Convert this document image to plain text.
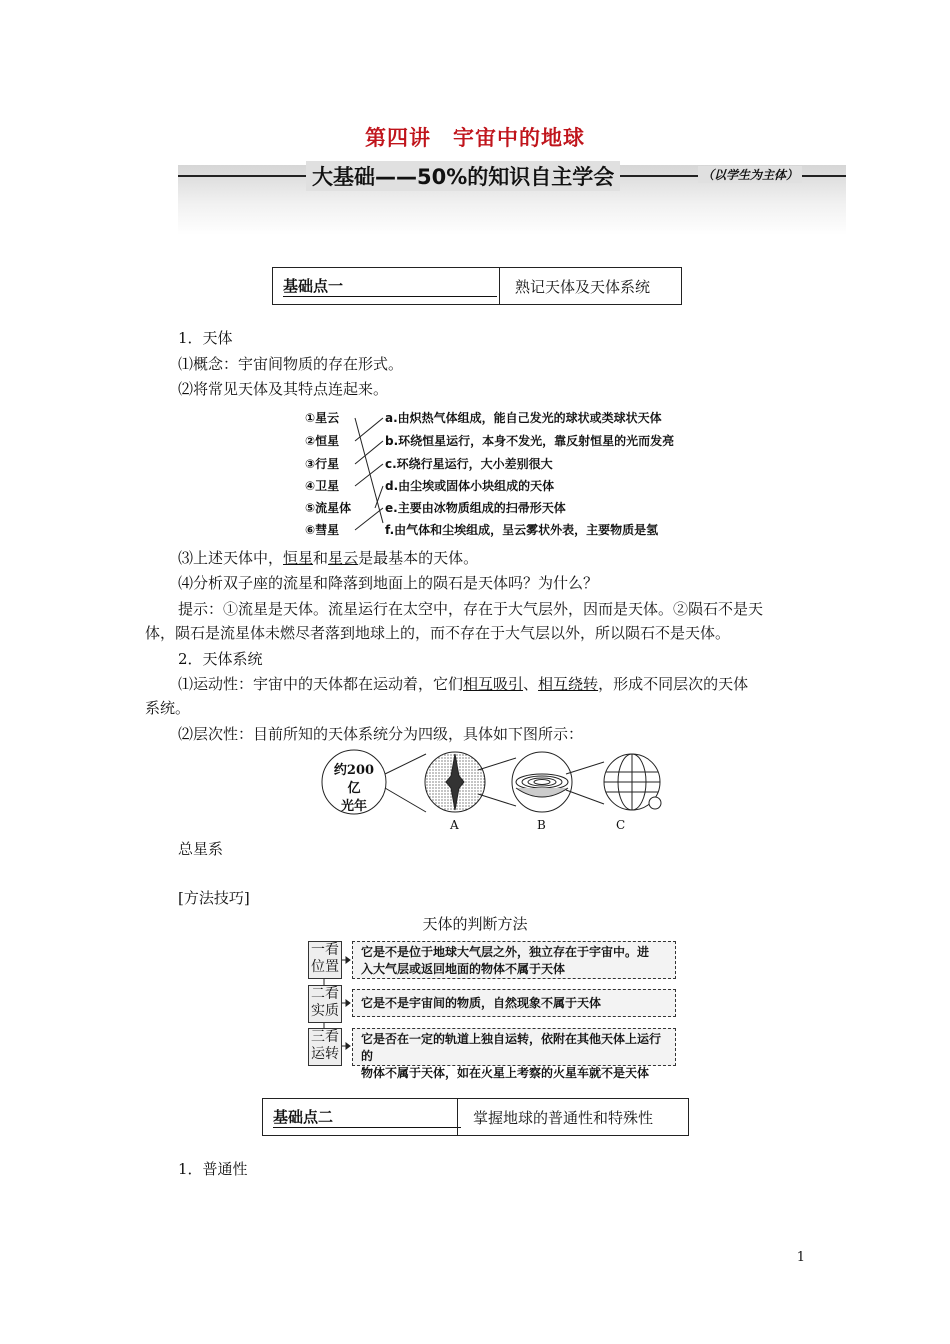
第四讲　宇宙中的地球
大基础——50%的知识自主学会	（以学生为主体）
基础点一	熟记天体及天体系统
1．天体
⑴概念：宇宙间物质的存在形式。
⑵将常见天体及其特点连起来。
①星云
②恒星
③行星
④卫星
⑤流星体
⑥彗星
a.由炽热气体组成，能自己发光的球状或类球状天体
b.环绕恒星运行，本身不发光，靠反射恒星的光而发亮
c.环绕行星运行，大小差别很大
d.由尘埃或固体小块组成的天体
e.主要由冰物质组成的扫帚形天体
f.由气体和尘埃组成，呈云雾状外表，主要物质是氢
⑶上述天体中，恒星和星云是最基本的天体。
⑷分析双子座的流星和降落到地面上的陨石是天体吗？为什么？
提示：①流星是天体。流星运行在太空中，存在于大气层外，因而是天体。②陨石不是天
体，陨石是流星体未燃尽者落到地球上的，而不存在于大气层以外，所以陨石不是天体。
2．天体系统
⑴运动性：宇宙中的天体都在运动着，它们相互吸引、相互绕转，形成不同层次的天体
系统。
⑵层次性：目前所知的天体系统分为四级，具体如下图所示：
约200亿
光年
A	B	C
总星系
[方法技巧]
天体的判断方法
一看
位置
它是不是位于地球大气层之外，独立存在于宇宙中。进
入大气层或返回地面的物体不属于天体
二看
实质 它是不是宇宙间的物质，自然现象不属于天体
三看
运转
它是否在一定的轨道上独自运转，依附在其他天体上运行的
物体不属于天体，如在火星上考察的火星车就不是天体
基础点二	掌握地球的普通性和特殊性
1．普通性
1
